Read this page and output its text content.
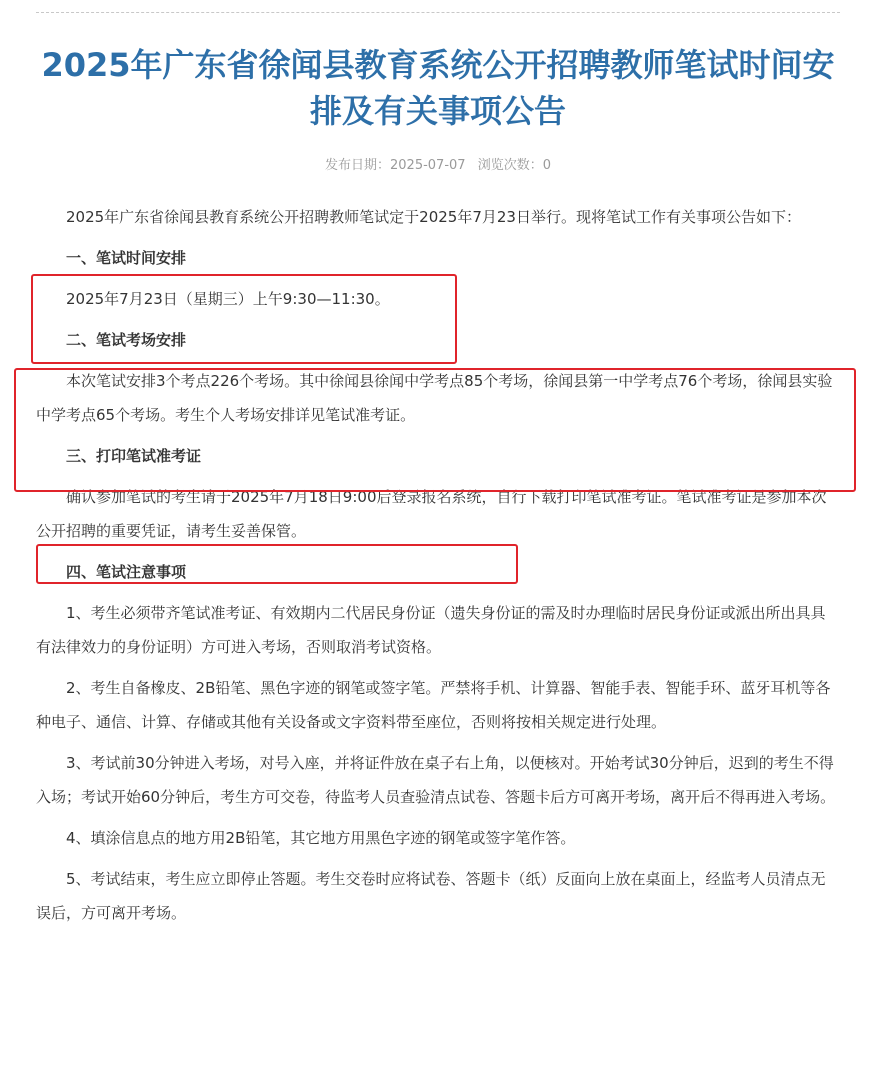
2025年广东省徐闻县教育系统公开招聘教师笔试时间安排及有关事项公告
发布日期：2025-07-07 浏览次数：0

2025年广东省徐闻县教育系统公开招聘教师笔试定于2025年7月23日举行。现将笔试工作有关事项公告如下：

一、笔试时间安排

2025年7月23日（星期三）上午9:30—11:30。

二、笔试考场安排

本次笔试安排3个考点226个考场。其中徐闻县徐闻中学考点85个考场，徐闻县第一中学考点76个考场，徐闻县实验中学考点65个考场。考生个人考场安排详见笔试准考证。

三、打印笔试准考证

确认参加笔试的考生请于2025年7月18日9:00后登录报名系统，自行下载打印笔试准考证。笔试准考证是参加本次公开招聘的重要凭证，请考生妥善保管。

四、笔试注意事项

1、考生必须带齐笔试准考证、有效期内二代居民身份证（遗失身份证的需及时办理临时居民身份证或派出所出具具有法律效力的身份证明）方可进入考场，否则取消考试资格。

2、考生自备橡皮、2B铅笔、黑色字迹的钢笔或签字笔。严禁将手机、计算器、智能手表、智能手环、蓝牙耳机等各种电子、通信、计算、存储或其他有关设备或文字资料带至座位，否则将按相关规定进行处理。

3、考试前30分钟进入考场，对号入座，并将证件放在桌子右上角，以便核对。开始考试30分钟后，迟到的考生不得入场；考试开始60分钟后，考生方可交卷，待监考人员查验清点试卷、答题卡后方可离开考场，离开后不得再进入考场。

4、填涂信息点的地方用2B铅笔，其它地方用黑色字迹的钢笔或签字笔作答。

5、考试结束，考生应立即停止答题。考生交卷时应将试卷、答题卡（纸）反面向上放在桌面上，经监考人员清点无误后，方可离开考场。
